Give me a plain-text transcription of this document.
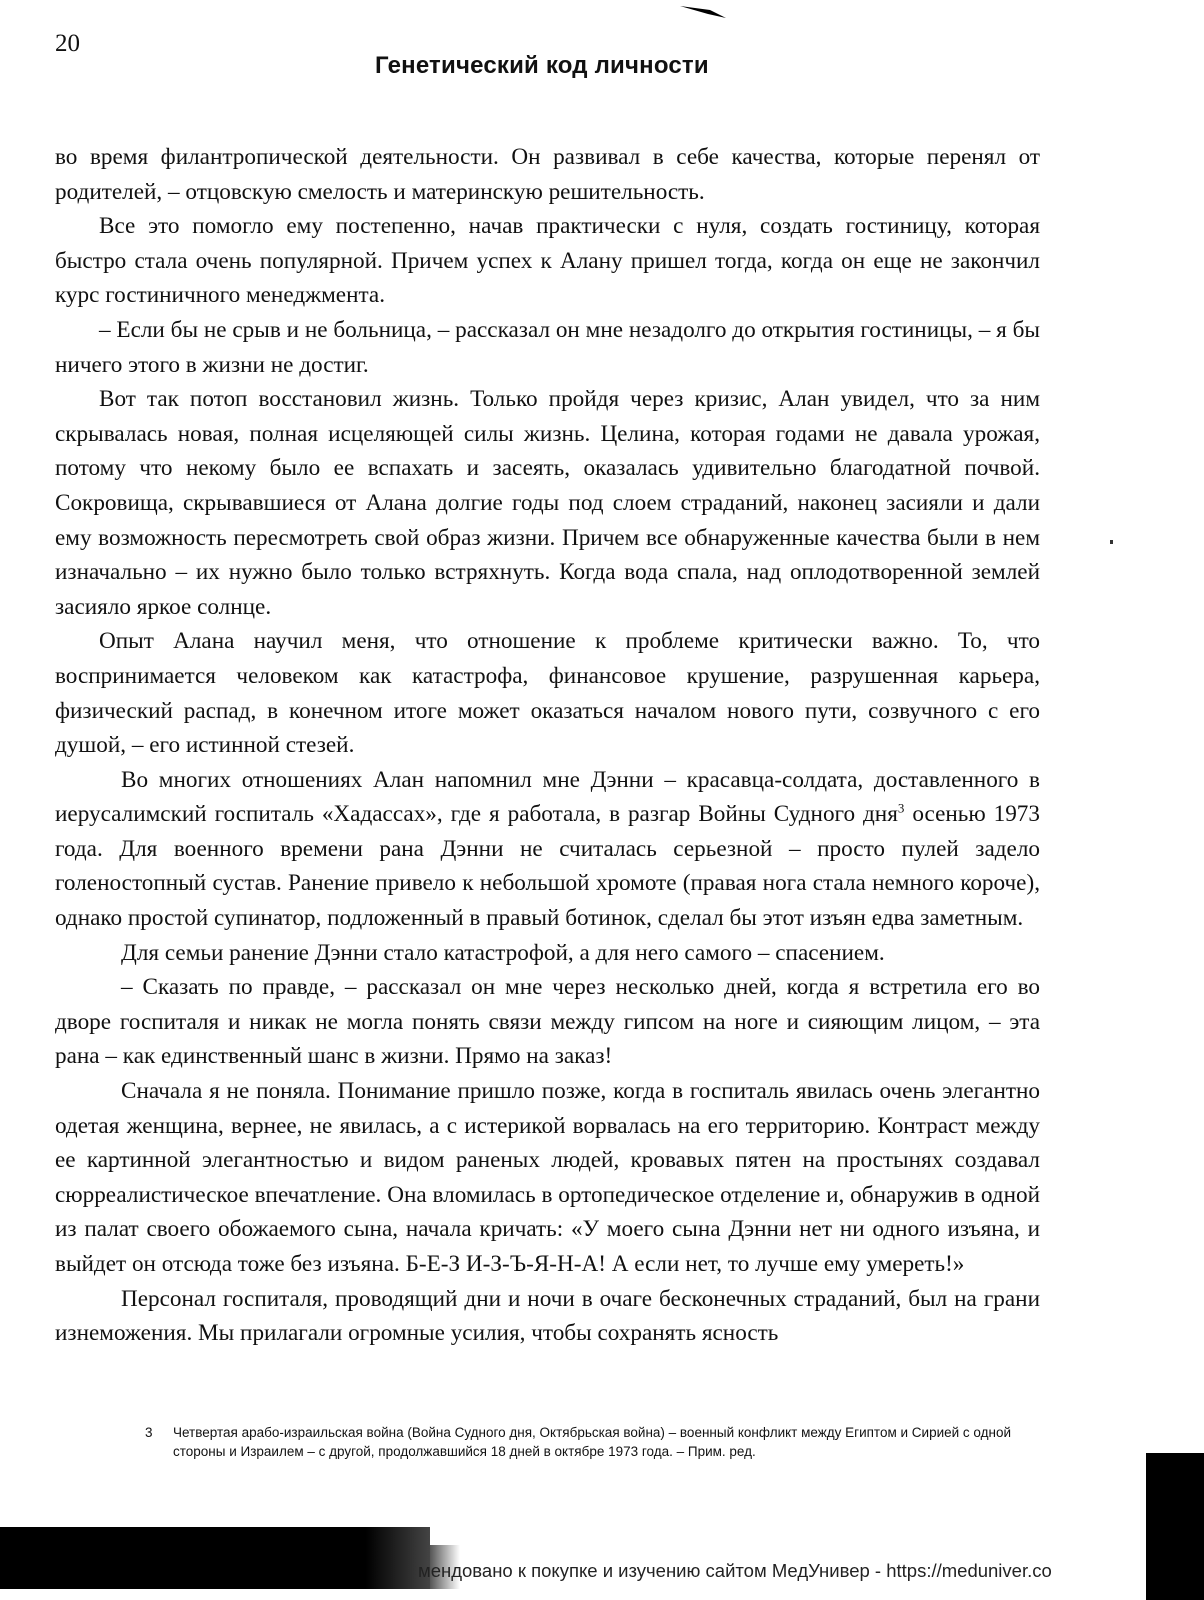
20
Генетический код личности

во время филантропической деятельности. Он развивал в себе качества, которые перенял от родителей, – отцовскую смелость и материнскую решительность.

Все это помогло ему постепенно, начав практически с нуля, создать гостиницу, которая быстро стала очень популярной. Причем успех к Алану пришел тогда, когда он еще не закончил курс гостиничного менеджмента.

– Если бы не срыв и не больница, – рассказал он мне незадолго до открытия гостиницы, – я бы ничего этого в жизни не достиг.

Вот так потоп восстановил жизнь. Только пройдя через кризис, Алан увидел, что за ним скрывалась новая, полная исцеляющей силы жизнь. Целина, которая годами не давала урожая, потому что некому было ее вспахать и засеять, оказалась удивительно благодатной почвой. Сокровища, скрывавшиеся от Алана долгие годы под слоем страданий, наконец засияли и дали ему возможность пересмотреть свой образ жизни. Причем все обнаруженные качества были в нем изначально – их нужно было только встряхнуть. Когда вода спала, над оплодотворенной землей засияло яркое солнце.

Опыт Алана научил меня, что отношение к проблеме критически важно. То, что воспринимается человеком как катастрофа, финансовое крушение, разрушенная карьера, физический распад, в конечном итоге может оказаться началом нового пути, созвучного с его душой, – его истинной стезей.

Во многих отношениях Алан напомнил мне Дэнни – красавца-солдата, доставленного в иерусалимский госпиталь «Хадассах», где я работала, в разгар Войны Судного дня$^3$ осенью 1973 года. Для военного времени рана Дэнни не считалась серьезной – просто пулей задело голеностопный сустав. Ранение привело к небольшой хромоте (правая нога стала немного короче), однако простой супинатор, подложенный в правый ботинок, сделал бы этот изъян едва заметным.

Для семьи ранение Дэнни стало катастрофой, а для него самого – спасением.

– Сказать по правде, – рассказал он мне через несколько дней, когда я встретила его во дворе госпиталя и никак не могла понять связи между гипсом на ноге и сияющим лицом, – эта рана – как единственный шанс в жизни. Прямо на заказ!

Сначала я не поняла. Понимание пришло позже, когда в госпиталь явилась очень элегантно одетая женщина, вернее, не явилась, а с истерикой ворвалась на его территорию. Контраст между ее картинной элегантностью и видом раненых людей, кровавых пятен на простынях создавал сюрреалистическое впечатление. Она вломилась в ортопедическое отделение и, обнаружив в одной из палат своего обожаемого сына, начала кричать: «У моего сына Дэнни нет ни одного изъяна, и выйдет он отсюда тоже без изъяна. Б-Е-З И-З-Ъ-Я-Н-А! А если нет, то лучше ему умереть!»

Персонал госпиталя, проводящий дни и ночи в очаге бесконечных страданий, был на грани изнеможения. Мы прилагали огромные усилия, чтобы сохранять ясность

3	Четвертая арабо-израильская война (Война Судного дня, Октябрьская война) – военный конфликт между Египтом и Сирией с одной стороны и Израилем – с другой, продолжавшийся 18 дней в октябре 1973 года. – Прим. ред.
мендовано к покупке и изучению сайтом МедУнивер - https://meduniver.co
